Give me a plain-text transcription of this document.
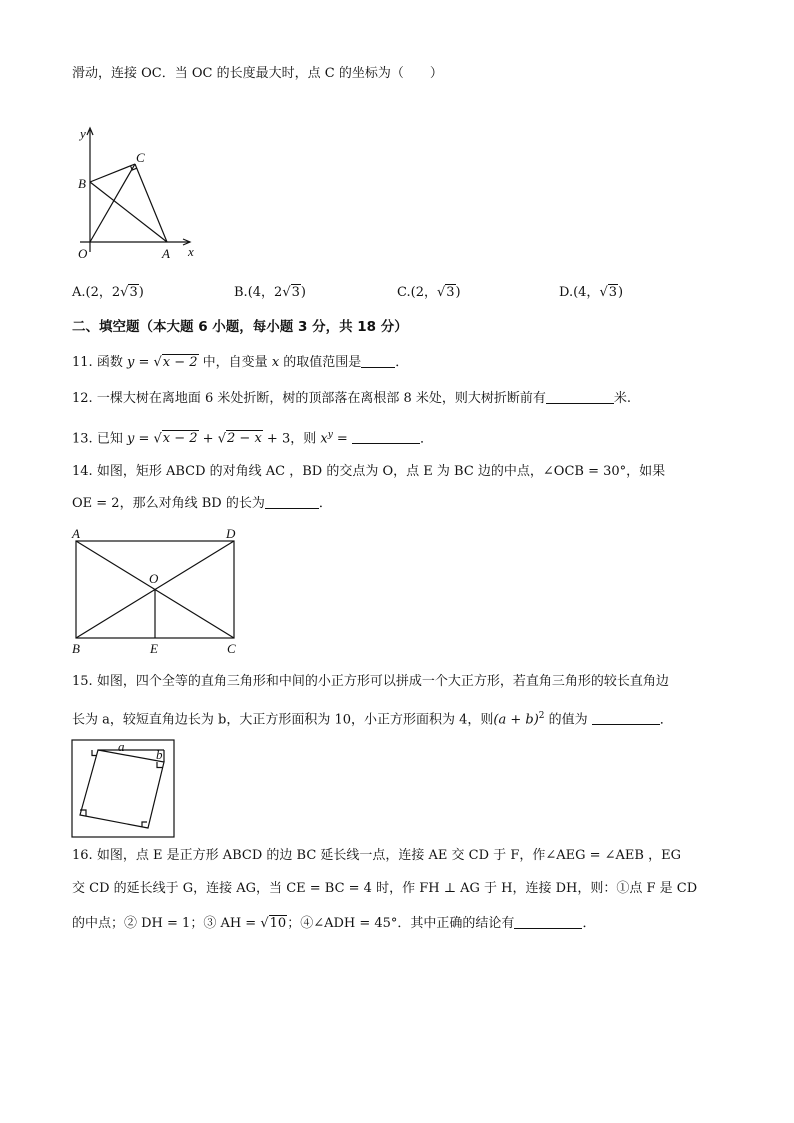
滑动，连接 OC．当 OC 的长度最大时，点 C 的坐标为（　　）
y
B
C
O	A x
A.(2，2√3)	B.(4，2√3)	C.(2，√3)	D.(4，√3)
二、填空题（本大题 6 小题，每小题 3 分，共 18 分）
11. 函数 y = √x − 2 中，自变量 x 的取值范围是	．
12. 一棵大树在离地面 6 米处折断，树的顶部落在离根部 8 米处，则大树折断前有	米.
13. 已知 y = √x − 2 + √2 − x + 3，则 $x^y$ =	．
14. 如图，矩形 ABCD 的对角线 AC ，BD 的交点为 O，点 E 为 BC 边的中点，∠OCB = 30°，如果
OE = 2，那么对角线 BD 的长为	．
A	D
O
B	E	C
15. 如图，四个全等的直角三角形和中间的小正方形可以拼成一个大正方形，若直角三角形的较长直角边
长为 a，较短直角边长为 b，大正方形面积为 10，小正方形面积为 4，则$(a + b)^2$ 的值为	．
a
b
16. 如图，点 E 是正方形 ABCD 的边 BC 延长线一点，连接 AE 交 CD 于 F，作∠AEG = ∠AEB ，EG
交 CD 的延长线于 G，连接 AG，当 CE = BC = 4 时，作 FH ⊥ AG 于 H，连接 DH，则：①点 F 是 CD
的中点；② DH = 1；③ AH = √10；④∠ADH = 45°．其中正确的结论有	．
